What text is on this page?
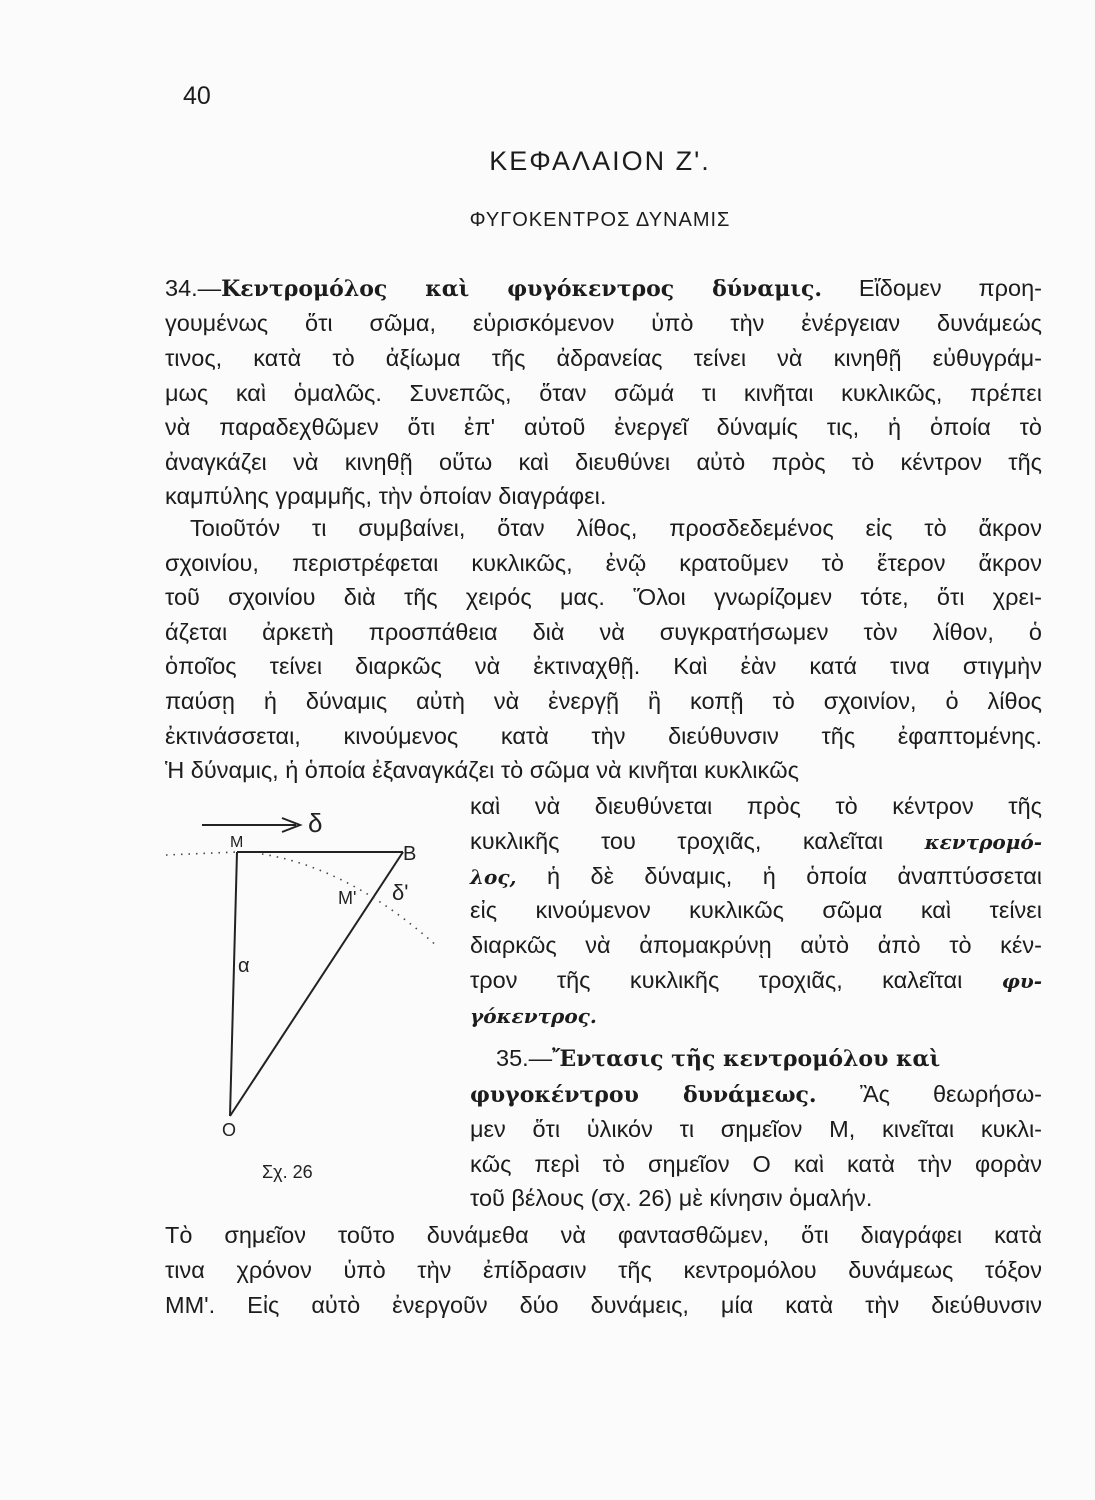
40
ΚΕΦΑΛΑΙΟΝ Ζ'.
ΦΥΓΟΚΕΝΤΡΟΣ ΔΥΝΑΜΙΣ
34.—Κεντρομόλος καὶ φυγόκεντρος δύναμις. Εἴδομεν προη-
γουμένως ὅτι σῶμα, εὑρισκόμενον ὑπὸ τὴν ἐνέργειαν δυνάμεώς
τινος, κατὰ τὸ ἀξίωμα τῆς ἀδρανείας τείνει νὰ κινηθῇ εὐθυγράμ-
μως καὶ ὁμαλῶς. Συνεπῶς, ὅταν σῶμά τι κινῆται κυκλικῶς, πρέπει
νὰ παραδεχθῶμεν ὅτι ἐπ' αὐτοῦ ἐνεργεῖ δύναμίς τις, ἡ ὁποία τὸ
ἀναγκάζει νὰ κινηθῇ οὕτω καὶ διευθύνει αὐτὸ πρὸς τὸ κέντρον τῆς
καμπύλης γραμμῆς, τὴν ὁποίαν διαγράφει.
Τοιοῦτόν τι συμβαίνει, ὅταν λίθος, προσδεδεμένος εἰς τὸ ἄκρον
σχοινίου, περιστρέφεται κυκλικῶς, ἐνῷ κρατοῦμεν τὸ ἕτερον ἄκρον
τοῦ σχοινίου διὰ τῆς χειρός μας. Ὅλοι γνωρίζομεν τότε, ὅτι χρει-
άζεται ἀρκετὴ προσπάθεια διὰ νὰ συγκρατήσωμεν τὸν λίθον, ὁ
ὁποῖος τείνει διαρκῶς νὰ ἐκτιναχθῇ. Καὶ ἐὰν κατά τινα στιγμὴν
παύσῃ ἡ δύναμις αὐτὴ νὰ ἐνεργῇ ἢ κοπῇ τὸ σχοινίον, ὁ λίθος
ἐκτινάσσεται, κινούμενος κατὰ τὴν διεύθυνσιν τῆς ἐφαπτομένης.
Ἡ δύναμις, ἡ ὁποία ἐξαναγκάζει τὸ σῶμα νὰ κινῆται κυκλικῶς
καὶ νὰ διευθύνεται πρὸς τὸ κέντρον τῆς
κυκλικῆς του τροχιᾶς, καλεῖται κεντρομό-
λος, ἡ δὲ δύναμις, ἡ ὁποία ἀναπτύσσεται
εἰς κινούμενον κυκλικῶς σῶμα καὶ τείνει
διαρκῶς νὰ ἀπομακρύνῃ αὐτὸ ἀπὸ τὸ κέν-
τρον τῆς κυκλικῆς τροχιᾶς, καλεῖται φυ-
γόκεντρος.
35.—Ἔντασις τῆς κεντρομόλου καὶ
φυγοκέντρου δυνάμεως. Ἂς θεωρήσω-
μεν ὅτι ὑλικόν τι σημεῖον Μ, κινεῖται κυκλι-
κῶς περὶ τὸ σημεῖον Ο καὶ κατὰ τὴν φορὰν
τοῦ βέλους (σχ. 26) μὲ κίνησιν ὁμαλήν.
Τὸ σημεῖον τοῦτο δυνάμεθα νὰ φαντασθῶμεν, ὅτι διαγράφει κατὰ
τινα χρόνον ὑπὸ τὴν ἐπίδρασιν τῆς κεντρομόλου δυνάμεως τόξον
ΜΜ'. Εἰς αὐτὸ ἐνεργοῦν δύο δυνάμεις, μία κατὰ τὴν διεύθυνσιν
δ
Μ
Β
Μ' δ'
α
Ο
Σχ. 26
